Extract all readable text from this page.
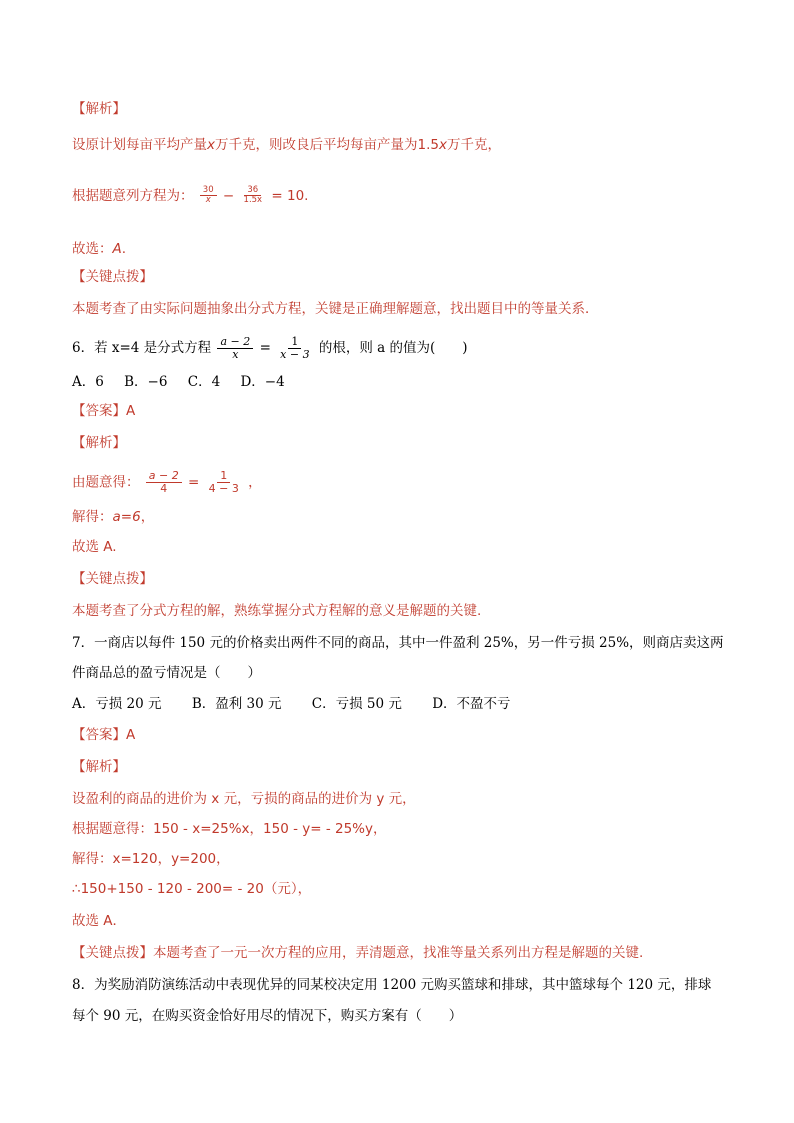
【解析】
设原计划每亩平均产量x万千克，则改良后平均每亩产量为1.5x万千克，
根据题意列方程为： $\frac{30}{x} - \frac{36}{1.5x} = 10$.
故选：A.
【关键点拨】
本题考查了由实际问题抽象出分式方程，关键是正确理解题意，找出题目中的等量关系．
6．若 x=4 是分式方程 $\frac{a - 2}{x} = \frac{1}{x - 3}$ 的根，则 a 的值为(　　)
A．6 B．−6 C．4 D．−4
【答案】A
【解析】
由题意得： $\frac{a - 2}{4} = \frac{1}{4 - 3}$ ，
解得：a=6，
故选 A.
【关键点拨】
本题考查了分式方程的解，熟练掌握分式方程解的意义是解题的关键.
7．一商店以每件 150 元的价格卖出两件不同的商品，其中一件盈利 25%，另一件亏损 25%，则商店卖这两
件商品总的盈亏情况是（　　）
A．亏损 20 元 B．盈利 30 元 C．亏损 50 元 D．不盈不亏
【答案】A
【解析】
设盈利的商品的进价为 x 元，亏损的商品的进价为 y 元，
根据题意得：150 - x=25%x，150 - y= - 25%y，
解得：x=120，y=200，
∴150+150 - 120 - 200= - 20（元），
故选 A．
【关键点拨】本题考查了一元一次方程的应用，弄清题意，找准等量关系列出方程是解题的关键.
8．为奖励消防演练活动中表现优异的同某校决定用 1200 元购买篮球和排球，其中篮球每个 120 元，排球
每个 90 元，在购买资金恰好用尽的情况下，购买方案有（　　）
